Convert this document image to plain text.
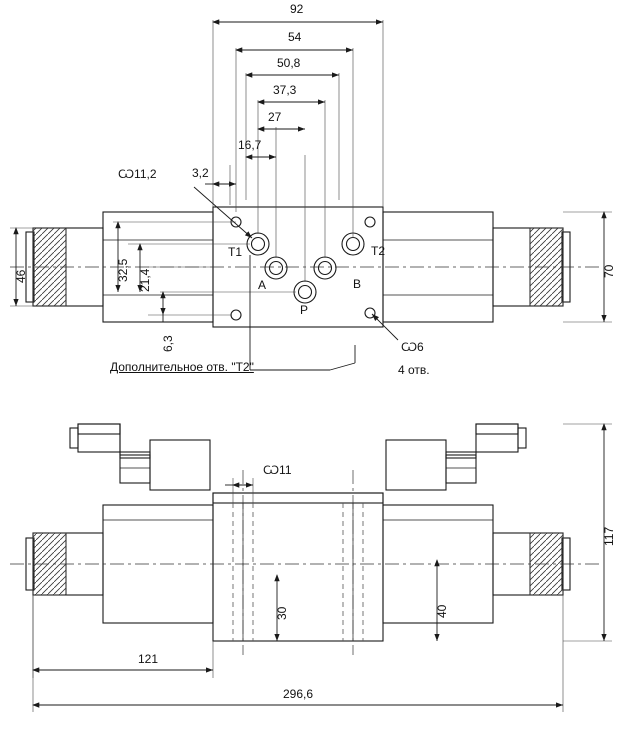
92
54
50,8
37,3
27
16,7
3,2
Ѡ11,2
46	32,5 21,4
6,3
70
Т1
A
P
B
Т2
Ѡ6
4 отв.
Дополнительное отв. "Т2"
Ѡ11
30	40
117
121
296,6
